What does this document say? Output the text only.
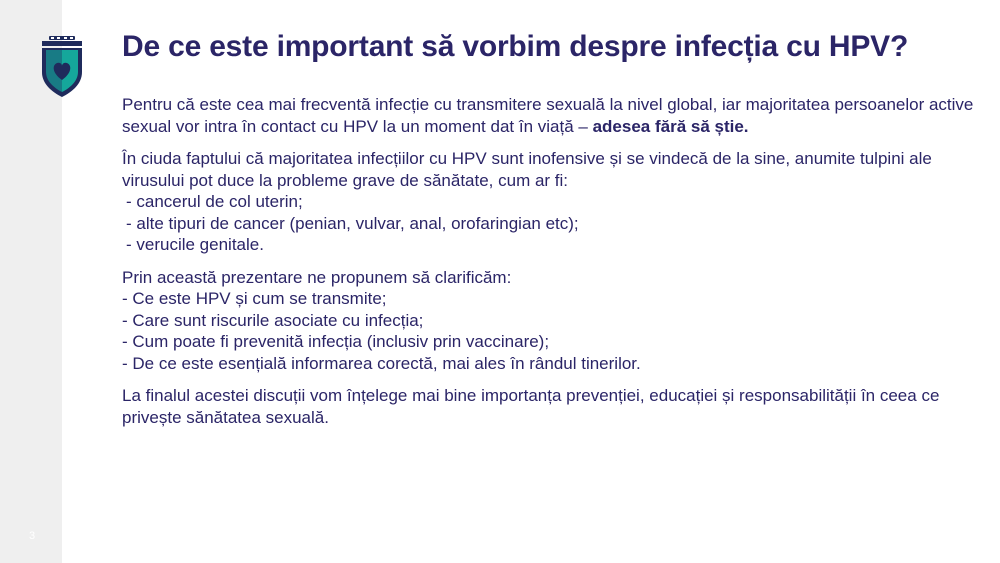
3
De ce este important să vorbim despre infecția cu HPV?

Pentru că este cea mai frecventă infecție cu transmitere sexuală la nivel global, iar majoritatea persoanelor active sexual vor intra în contact cu HPV la un moment dat în viață – adesea fără să știe.

În ciuda faptului că majoritatea infecțiilor cu HPV sunt inofensive și se vindecă de la sine, anumite tulpini ale virusului pot duce la probleme grave de sănătate, cum ar fi:
- cancerul de col uterin;
- alte tipuri de cancer (penian, vulvar, anal, orofaringian etc);
- verucile genitale.

Prin această prezentare ne propunem să clarificăm:
- Ce este HPV și cum se transmite;
- Care sunt riscurile asociate cu infecția;
- Cum poate fi prevenită infecția (inclusiv prin vaccinare);
- De ce este esențială informarea corectă, mai ales în rândul tinerilor.

La finalul acestei discuții vom înțelege mai bine importanța prevenției, educației și responsabilității în ceea ce privește sănătatea sexuală.
